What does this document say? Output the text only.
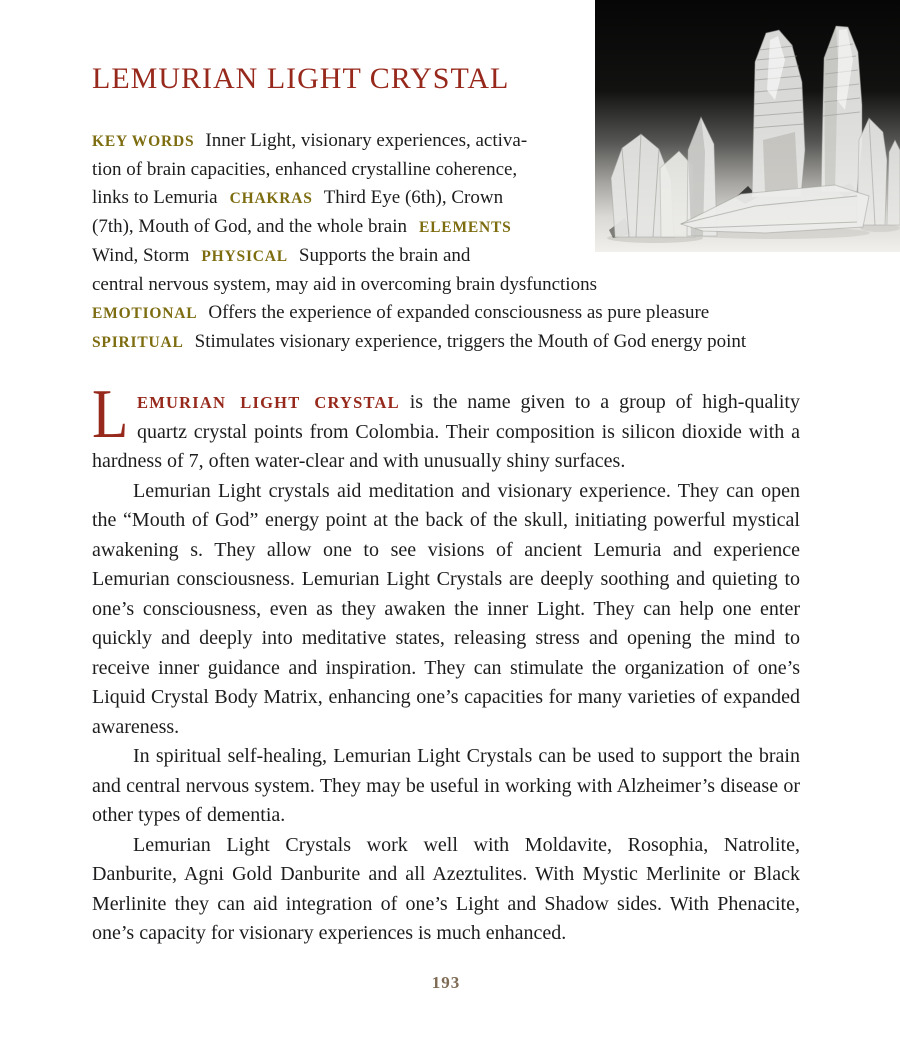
LEMURIAN LIGHT CRYSTAL
KEY WORDS Inner Light, visionary experiences, activa-
tion of brain capacities, enhanced crystalline coherence,
links to Lemuria CHAKRAS Third Eye (6th), Crown
(7th), Mouth of God, and the whole brain ELEMENTS
Wind, Storm PHYSICAL Supports the brain and
central nervous system, may aid in overcoming brain dysfunctions
EMOTIONAL Offers the experience of expanded consciousness as pure pleasure
SPIRITUAL Stimulates visionary experience, triggers the Mouth of God energy point

LEMURIAN LIGHT CRYSTAL is the name given to a group of high-quality quartz crystal points from Colombia. Their composition is silicon dioxide with a hardness of 7, often water-clear and with unusually shiny surfaces.

Lemurian Light crystals aid meditation and visionary experience. They can open the “Mouth of God” energy point at the back of the skull, initiating powerful mystical awakening s. They allow one to see visions of ancient Lemuria and experience Lemurian consciousness. Lemurian Light Crystals are deeply soothing and quieting to one’s consciousness, even as they awaken the inner Light. They can help one enter quickly and deeply into meditative states, releasing stress and opening the mind to receive inner guidance and inspiration. They can stimulate the organization of one’s Liquid Crystal Body Matrix, enhancing one’s capacities for many varieties of expanded awareness.

In spiritual self-healing, Lemurian Light Crystals can be used to support the brain and central nervous system. They may be useful in working with Alzheimer’s disease or other types of dementia.

Lemurian Light Crystals work well with Moldavite, Rosophia, Natrolite, Danburite, Agni Gold Danburite and all Azeztulites. With Mystic Merlinite or Black Merlinite they can aid integration of one’s Light and Shadow sides. With Phenacite, one’s capacity for visionary experiences is much enhanced.

193
